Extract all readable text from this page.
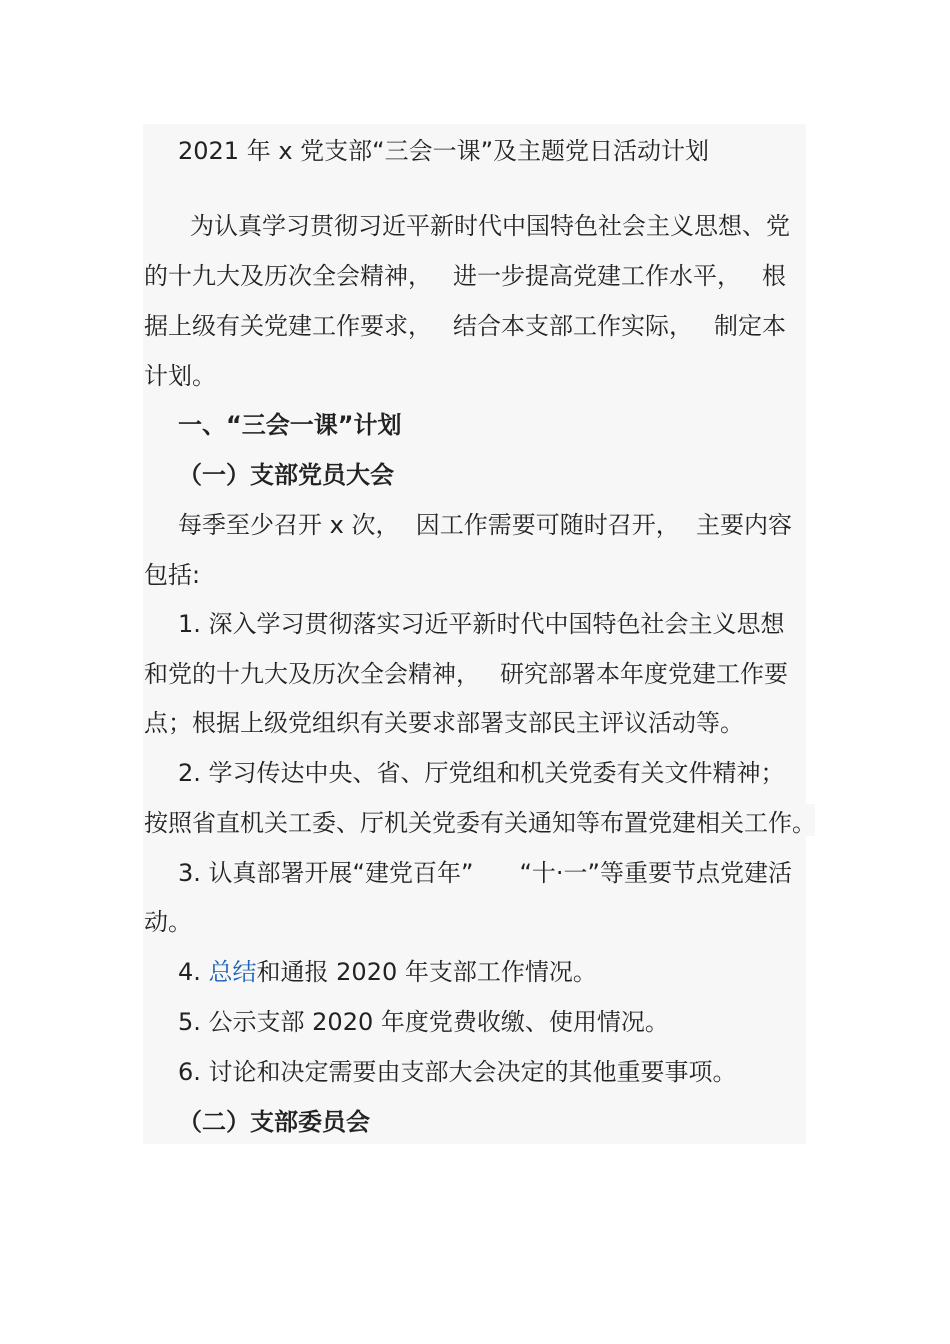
2021 年 x 党支部“三会一课”及主题党日活动计划
为认真学习贯彻习近平新时代中国特色社会主义思想、党
的十九大及历次全会精神， 进一步提高党建工作水平， 根
据上级有关党建工作要求， 结合本支部工作实际， 制定本
计划。
一、“三会一课”计划
（一）支部党员大会
每季至少召开 x 次， 因工作需要可随时召开， 主要内容
包括:
1. 深入学习贯彻落实习近平新时代中国特色社会主义思想
和党的十九大及历次全会精神， 研究部署本年度党建工作要
点；根据上级党组织有关要求部署支部民主评议活动等。
2. 学习传达中央、省、厅党组和机关党委有关文件精神；
按照省直机关工委、厅机关党委有关通知等布置党建相关工作。
3. 认真部署开展“建党百年” “十·一”等重要节点党建活
动。
4. 总结和通报 2020 年支部工作情况。
5. 公示支部 2020 年度党费收缴、使用情况。
6. 讨论和决定需要由支部大会决定的其他重要事项。
（二）支部委员会
